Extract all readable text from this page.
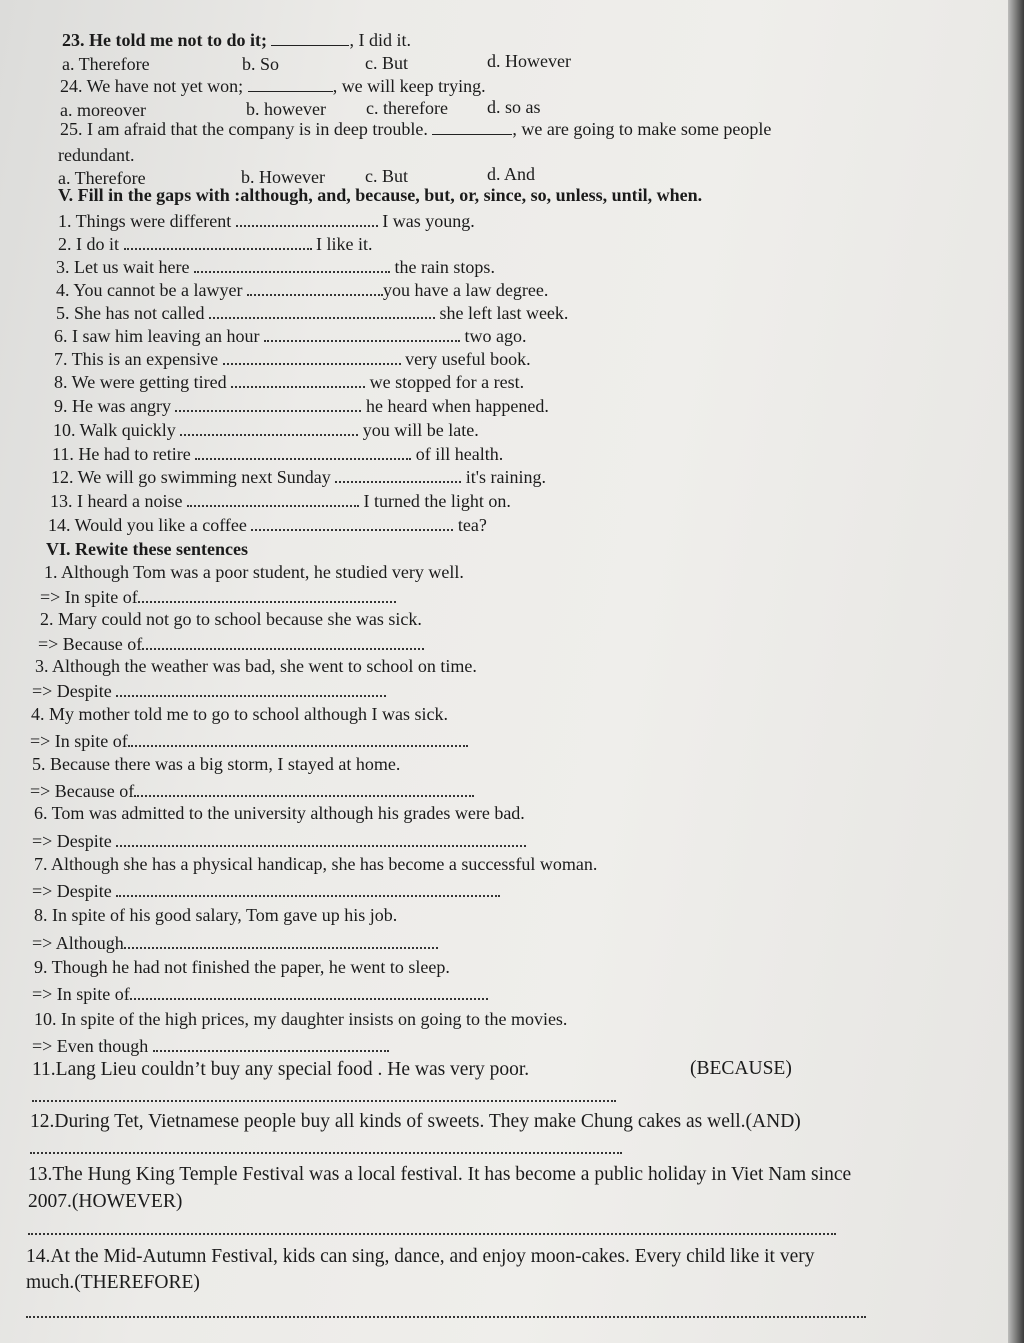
23. He told me not to do it;	, I did it.
a. Therefore	b. So	c. But	d. However
24. We have not yet won;	, we will keep trying.
a. moreover	b. however c. therefore d. so as
25. I am afraid that the company is in deep trouble.	, we are going to make some people
redundant.
a. Therefore	b. However c. But	d. And
V. Fill in the gaps with :although, and, because, but, or, since, so, unless, until, when.
1. Things were different	I was young.
2. I do it	I like it.
3. Let us wait here	the rain stops.
4. You cannot be a lawyer	you have a law degree.
5. She has not called	she left last week.
6. I saw him leaving an hour	two ago.
7. This is an expensive	very useful book.
8. We were getting tired	we stopped for a rest.
9. He was angry	he heard when happened.
10. Walk quickly	you will be late.
11. He had to retire	of ill health.
12. We will go swimming next Sunday	it's raining.
13. I heard a noise	I turned the light on.
14. Would you like a coffee	tea?
VI. Rewite these sentences
1. Although Tom was a poor student, he studied very well.
=> In spite of
2. Mary could not go to school because she was sick.
=> Because of
3. Although the weather was bad, she went to school on time.
=> Despite
4. My mother told me to go to school although I was sick.
=> In spite of
5. Because there was a big storm, I stayed at home.
=> Because of
6. Tom was admitted to the university although his grades were bad.
=> Despite
7. Although she has a physical handicap, she has become a successful woman.
=> Despite
8. In spite of his good salary, Tom gave up his job.
=> Although
9. Though he had not finished the paper, he went to sleep.
=> In spite of
10. In spite of the high prices, my daughter insists on going to the movies.
=> Even though
11.Lang Lieu couldn’t buy any special food . He was very poor.	(BECAUSE)
12.During Tet, Vietnamese people buy all kinds of sweets. They make Chung cakes as well.(AND)
13.The Hung King Temple Festival was a local festival. It has become a public holiday in Viet Nam since
2007.(HOWEVER)
14.At the Mid-Autumn Festival, kids can sing, dance, and enjoy moon-cakes. Every child like it very
much.(THEREFORE)
